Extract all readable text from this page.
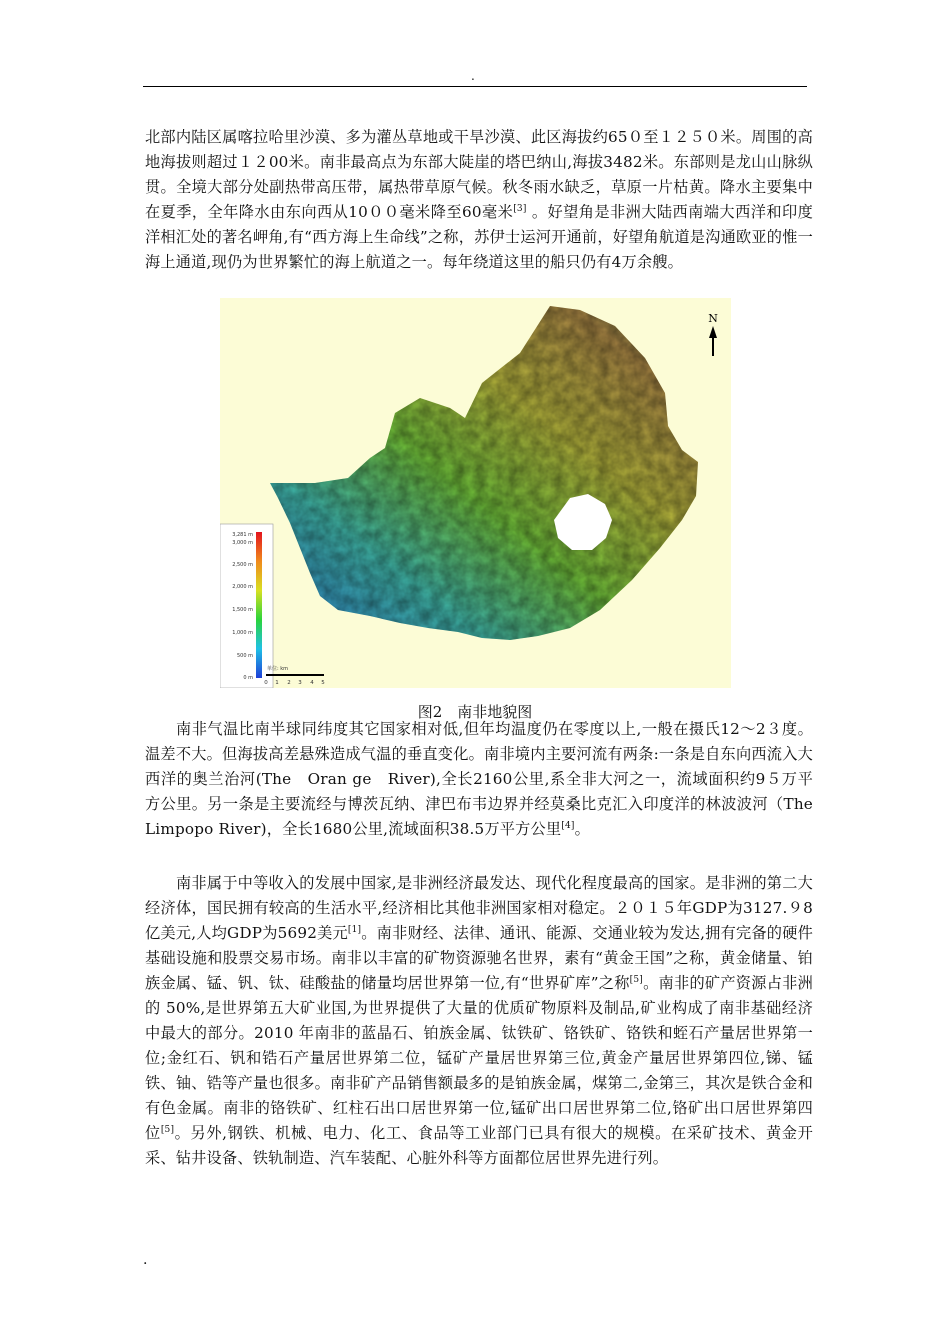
.

北部内陆区属喀拉哈里沙漠、多为灌丛草地或干旱沙漠、此区海拔约65０至１２５０米。周围的高地海拔则超过１２00米。南非最高点为东部大陡崖的塔巴纳山,海拔3482米。东部则是龙山山脉纵贯。全境大部分处副热带高压带，属热带草原气候。秋冬雨水缺乏，草原一片枯黄。降水主要集中在夏季，全年降水由东向西从10００毫米降至60毫米[3] 。好望角是非洲大陆西南端大西洋和印度洋相汇处的著名岬角,有“西方海上生命线”之称，苏伊士运河开通前，好望角航道是沟通欧亚的惟一海上通道,现仍为世界繁忙的海上航道之一。每年绕道这里的船只仍有4万余艘。

N
3,281 m
3,000 m
2,500 m
2,000 m
1,500 m
1,000 m
500 m
0 m
单位: km
0 1 2 3 4 5
图2　南非地貌图

南非气温比南半球同纬度其它国家相对低,但年均温度仍在零度以上,一般在摄氏12～2３度。温差不大。但海拔高差悬殊造成气温的垂直变化。南非境内主要河流有两条:一条是自东向西流入大西洋的奥兰治河(The　Oran ge　River),全长2160公里,系全非大河之一，流域面积约9５万平方公里。另一条是主要流经与博茨瓦纳、津巴布韦边界并经莫桑比克汇入印度洋的林波波河（The　Limpopo River)，全长1680公里,流域面积38.5万平方公里[4]。

南非属于中等收入的发展中国家,是非洲经济最发达、现代化程度最高的国家。是非洲的第二大经济体，国民拥有较高的生活水平,经济相比其他非洲国家相对稳定。２０１５年GDP为3127.９8亿美元,人均GDP为5692美元[1]。南非财经、法律、通讯、能源、交通业较为发达,拥有完备的硬件基础设施和股票交易市场。南非以丰富的矿物资源驰名世界，素有“黄金王国”之称，黄金储量、铂族金属、锰、钒、钛、硅酸盐的储量均居世界第一位,有“世界矿库”之称[5]。南非的矿产资源占非洲的 50%,是世界第五大矿业国,为世界提供了大量的优质矿物原料及制品,矿业构成了南非基础经济中最大的部分。2010 年南非的蓝晶石、铂族金属、钛铁矿、铬铁矿、铬铁和蛭石产量居世界第一位;金红石、钒和锆石产量居世界第二位，锰矿产量居世界第三位,黄金产量居世界第四位,锑、锰铁、铀、锆等产量也很多。南非矿产品销售额最多的是铂族金属，煤第二,金第三，其次是铁合金和有色金属。南非的铬铁矿、红柱石出口居世界第一位,锰矿出口居世界第二位,铬矿出口居世界第四位[5]。另外,钢铁、机械、电力、化工、食品等工业部门已具有很大的规模。在采矿技术、黄金开采、钻井设备、铁轨制造、汽车装配、心脏外科等方面都位居世界先进行列。

.
